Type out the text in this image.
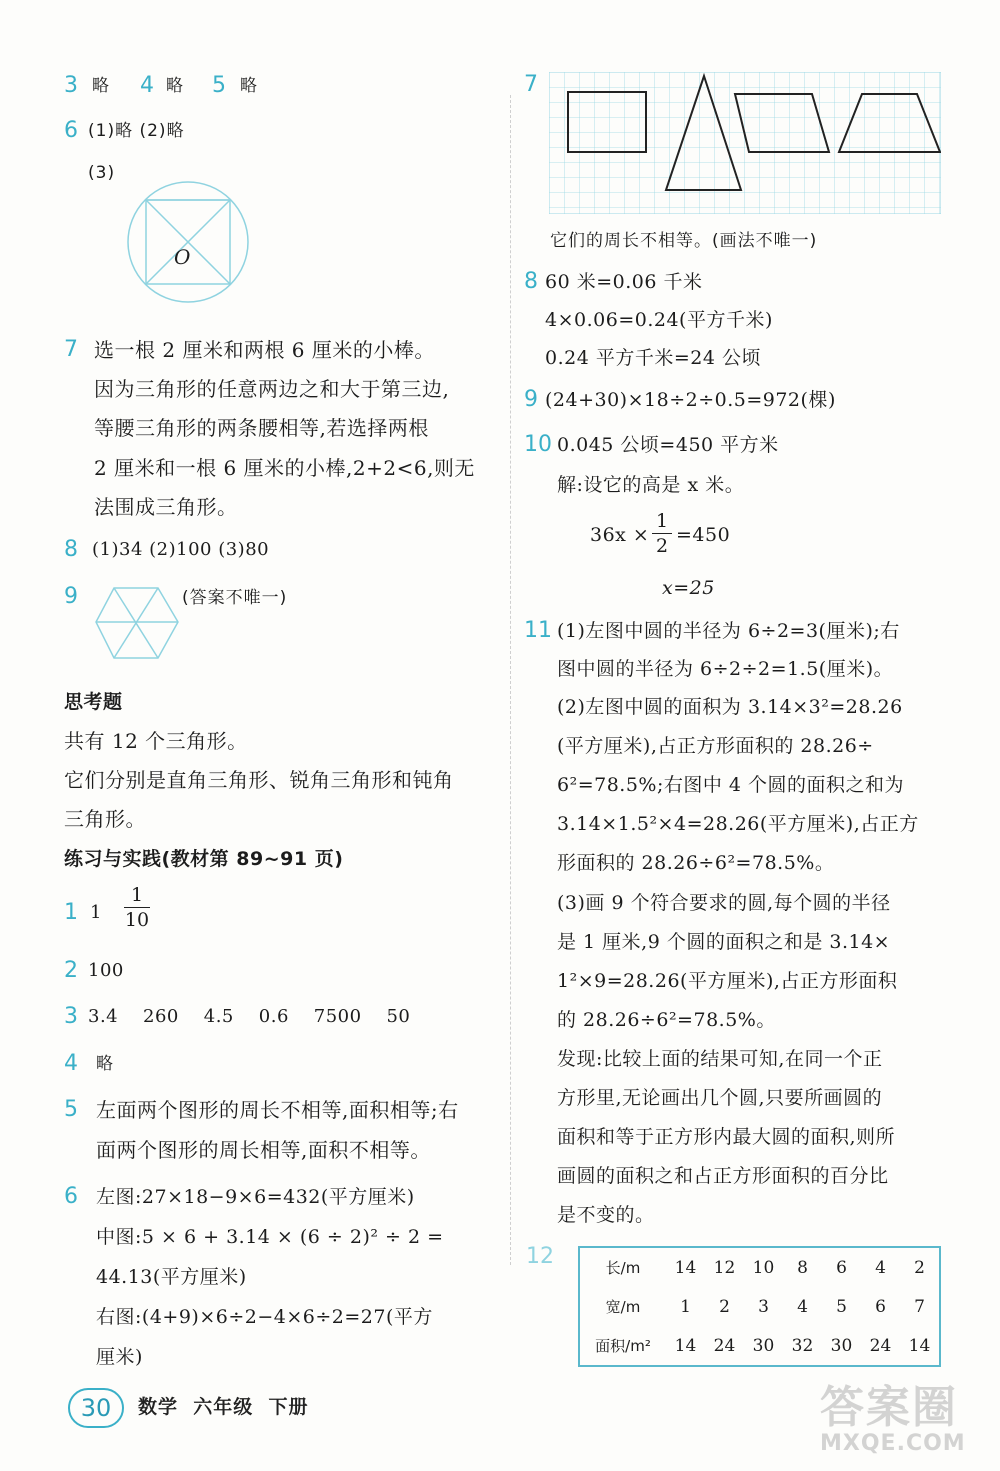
3 略 4 略 5 略
6 (1)略 (2)略
(3)
O
7 选一根 2 厘米和两根 6 厘米的小棒。
因为三角形的任意两边之和大于第三边,
等腰三角形的两条腰相等,若选择两根
2 厘米和一根 6 厘米的小棒,2+2<6,则无
法围成三角形。
8 (1)34 (2)100 (3)80
9	(答案不唯一)
思考题
共有 12 个三角形。
它们分别是直角三角形、锐角三角形和钝角
三角形。
练习与实践(教材第 89~91 页)
1 1
1
10
2 100
3 3.4    260    4.5    0.6    7500    50
4 略
5 左面两个图形的周长不相等,面积相等;右
面两个图形的周长相等,面积不相等。
6 左图:27×18−9×6=432(平方厘米)
中图:5 × 6 + 3.14 × (6 ÷ 2)² ÷ 2 =
44.13(平方厘米)
右图:(4+9)×6÷2−4×6÷2=27(平方
厘米)
7
它们的周长不相等。(画法不唯一)
8 60 米=0.06 千米
4×0.06=0.24(平方千米)
0.24 平方千米=24 公顷
9 (24+30)×18÷2÷0.5=972(棵)
10 0.045 公顷=450 平方米
解:设它的高是 x 米。
36x ×
1
2 =450
x=25
11 (1)左图中圆的半径为 6÷2=3(厘米);右
图中圆的半径为 6÷2÷2=1.5(厘米)。
(2)左图中圆的面积为 3.14×3²=28.26
(平方厘米),占正方形面积的 28.26÷
6²=78.5%;右图中 4 个圆的面积之和为
3.14×1.5²×4=28.26(平方厘米),占正方
形面积的 28.26÷6²=78.5%。
(3)画 9 个符合要求的圆,每个圆的半径
是 1 厘米,9 个圆的面积之和是 3.14×
1²×9=28.26(平方厘米),占正方形面积
的 28.26÷6²=78.5%。
发现:比较上面的结果可知,在同一个正
方形里,无论画出几个圆,只要所画圆的
面积和等于正方形内最大圆的面积,则所
画圆的面积之和占正方形面积的百分比
是不变的。
12	长/m	14	12	10	8	6	4	2
宽/m	1	2	3	4	5	6	7
面积/m²	14	24	30	32	30	24	14
30	数学  六年级  下册	答案圈
MXQE.COM
